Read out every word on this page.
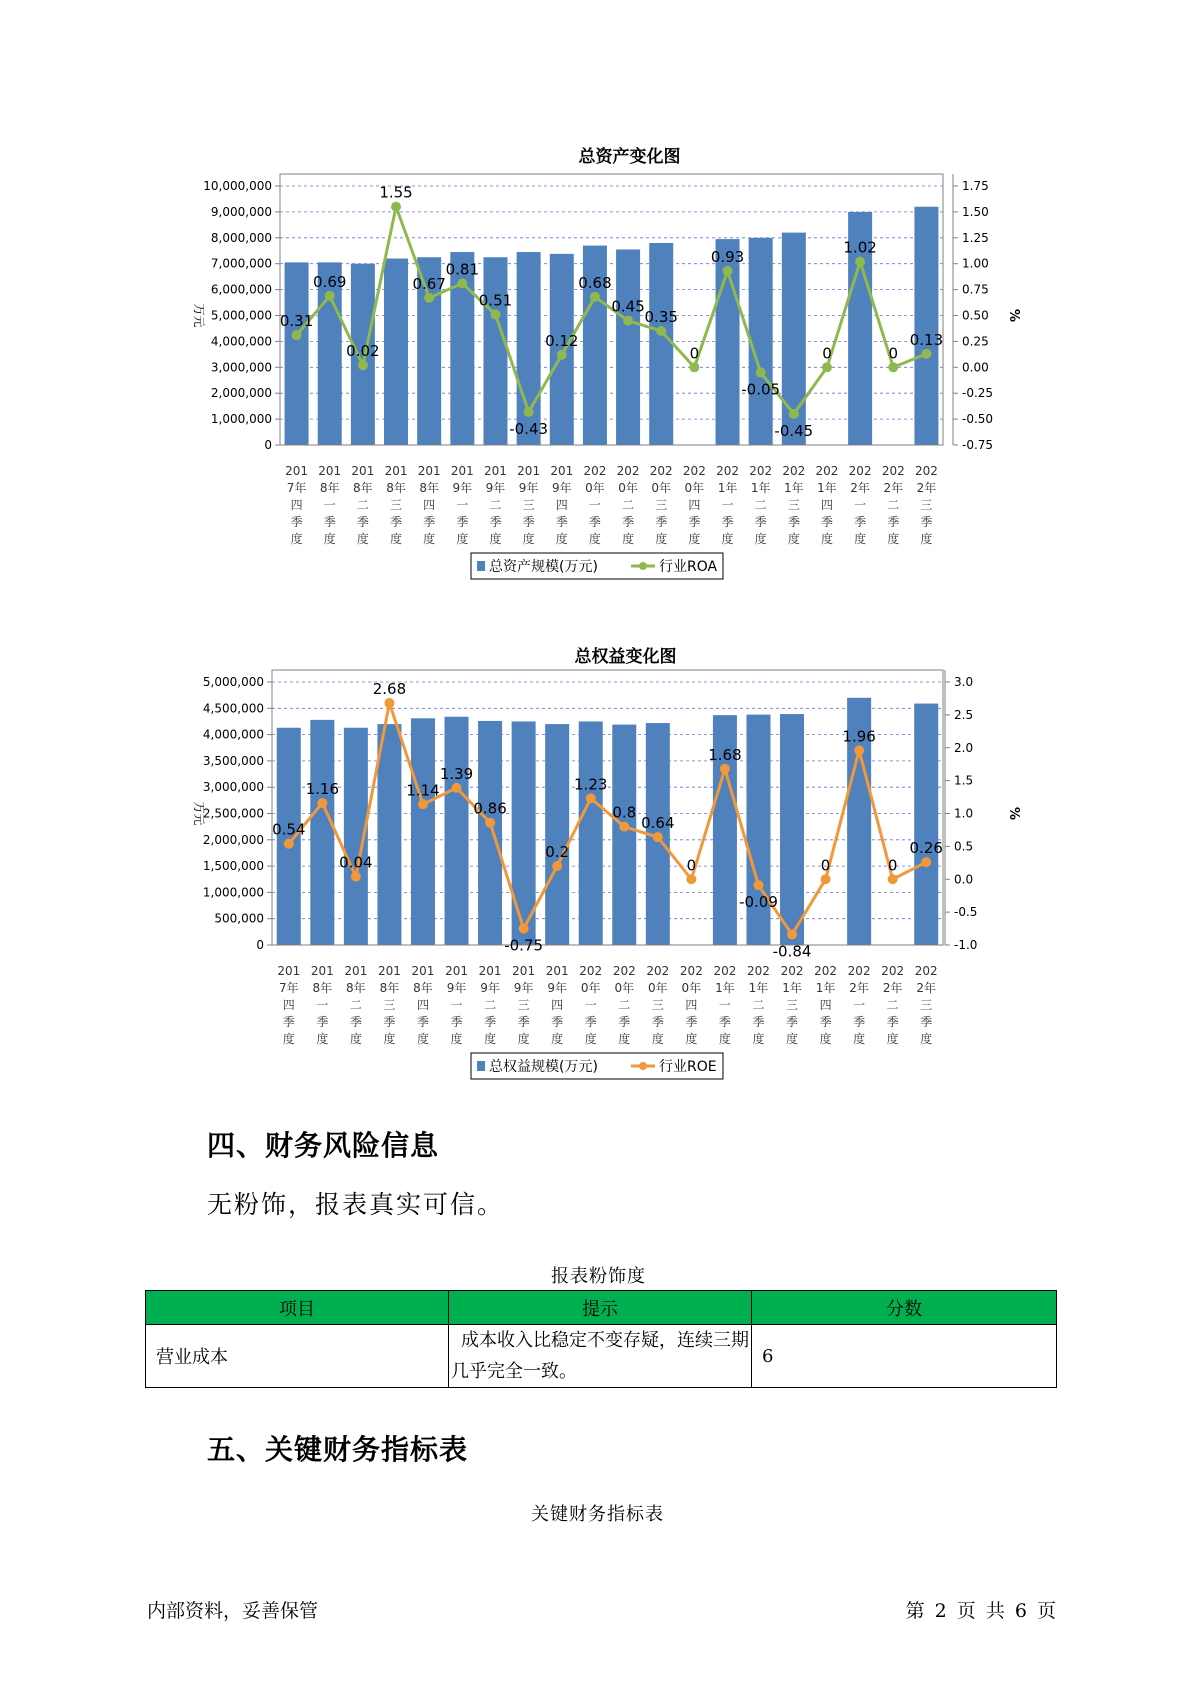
总资产变化图
10,000,000
9,000,000
8,000,000
7,000,000
6,000,000
5,000,000
4,000,000
3,000,000
2,000,000
1,000,000
0
1.75
1.50
1.25
1.00
0.75
0.50
0.25
0.00
-0.25
-0.50
-0.75
万元	%
0.31
0.69
0.02
1.55
0.67
0.81
0.51
-0.43
0.12
0.68
0.45
0.35
0
0.93
-0.05
-0.45
0
1.02
0
0.13
201
7年
四
季
度
201
8年
一
季
度
201
8年
二
季
度
201
8年
三
季
度
201
8年
四
季
度
201
9年
一
季
度
201
9年
二
季
度
201
9年
三
季
度
201
9年
四
季
度
202
0年
一
季
度
202
0年
二
季
度
202
0年
三
季
度
202
0年
四
季
度
202
1年
一
季
度
202
1年
二
季
度
202
1年
三
季
度
202
1年
四
季
度
202
2年
一
季
度
202
2年
二
季
度
202
2年
三
季
度
总资产规模(万元)	行业ROA
总权益变化图
5,000,000
4,500,000
4,000,000
3,500,000
3,000,000
2,500,000
2,000,000
1,500,000
1,000,000
500,000
0
3.0
2.5
2.0
1.5
1.0
0.5
0.0
-0.5
-1.0
万元	%
0.54
1.16
0.04
2.68
1.14
1.39
0.86
-0.75
0.2
1.23
0.8
0.64
0
1.68
-0.09
-0.84
0
1.96
0
0.26
201
7年
四
季
度
201
8年
一
季
度
201
8年
二
季
度
201
8年
三
季
度
201
8年
四
季
度
201
9年
一
季
度
201
9年
二
季
度
201
9年
三
季
度
201
9年
四
季
度
202
0年
一
季
度
202
0年
二
季
度
202
0年
三
季
度
202
0年
四
季
度
202
1年
一
季
度
202
1年
二
季
度
202
1年
三
季
度
202
1年
四
季
度
202
2年
一
季
度
202
2年
二
季
度
202
2年
三
季
度
总权益规模(万元)	行业ROE
四、财务风险信息
无粉饰，报表真实可信。
报表粉饰度
项目	提示	分数
营业成本	成本收入比稳定不变存疑，连续三期几乎完全一致。	6
五、关键财务指标表
关键财务指标表
内部资料，妥善保管	第 2 页 共 6 页
